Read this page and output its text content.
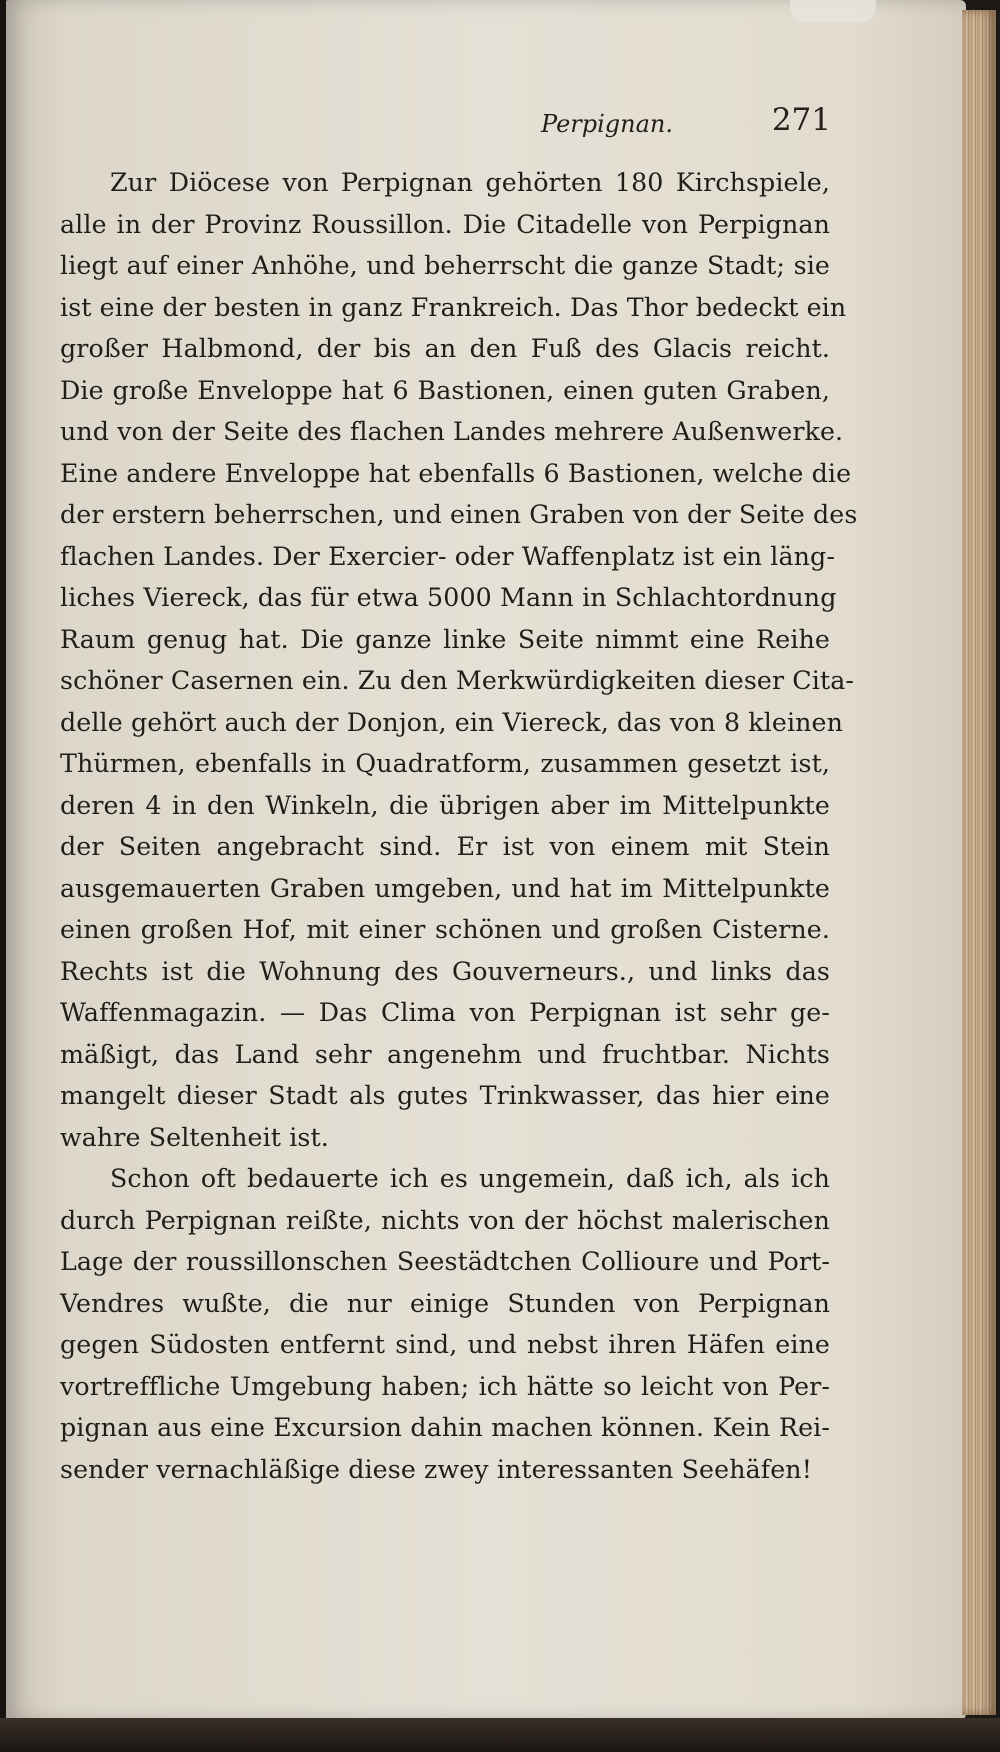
Perpignan.	271
Zur Diöcese von Perpignan gehörten 180 Kirchspiele,
alle in der Provinz Roussillon. Die Citadelle von Perpignan
liegt auf einer Anhöhe, und beherrscht die ganze Stadt; sie
ist eine der besten in ganz Frankreich. Das Thor bedeckt ein
großer Halbmond, der bis an den Fuß des Glacis reicht.
Die große Enveloppe hat 6 Bastionen, einen guten Graben,
und von der Seite des flachen Landes mehrere Außenwerke.
Eine andere Enveloppe hat ebenfalls 6 Bastionen, welche die
der erstern beherrschen, und einen Graben von der Seite des
flachen Landes. Der Exercier- oder Waffenplatz ist ein läng-
liches Viereck, das für etwa 5000 Mann in Schlachtordnung
Raum genug hat. Die ganze linke Seite nimmt eine Reihe
schöner Casernen ein. Zu den Merkwürdigkeiten dieser Cita-
delle gehört auch der Donjon, ein Viereck, das von 8 kleinen
Thürmen, ebenfalls in Quadratform, zusammen gesetzt ist,
deren 4 in den Winkeln, die übrigen aber im Mittelpunkte
der Seiten angebracht sind. Er ist von einem mit Stein
ausgemauerten Graben umgeben, und hat im Mittelpunkte
einen großen Hof, mit einer schönen und großen Cisterne.
Rechts ist die Wohnung des Gouverneurs., und links das
Waffenmagazin. — Das Clima von Perpignan ist sehr ge-
mäßigt, das Land sehr angenehm und fruchtbar. Nichts
mangelt dieser Stadt als gutes Trinkwasser, das hier eine
wahre Seltenheit ist.
Schon oft bedauerte ich es ungemein, daß ich, als ich
durch Perpignan reißte, nichts von der höchst malerischen
Lage der roussillonschen Seestädtchen Collioure und Port-
Vendres wußte, die nur einige Stunden von Perpignan
gegen Südosten entfernt sind, und nebst ihren Häfen eine
vortreffliche Umgebung haben; ich hätte so leicht von Per-
pignan aus eine Excursion dahin machen können. Kein Rei-
sender vernachläßige diese zwey interessanten Seehäfen!
